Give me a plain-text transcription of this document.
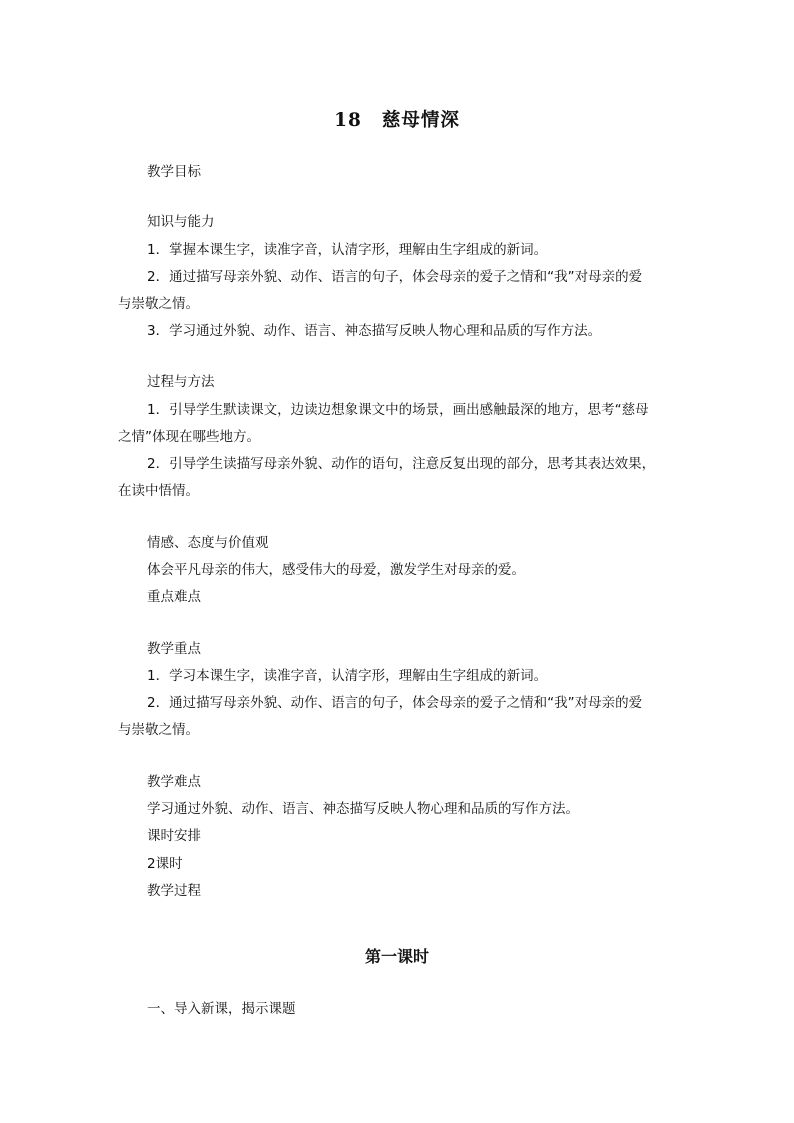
18 慈母情深
教学目标
知识与能力
1．掌握本课生字，读准字音，认清字形，理解由生字组成的新词。
2．通过描写母亲外貌、动作、语言的句子，体会母亲的爱子之情和“我”对母亲的爱
与崇敬之情。
3．学习通过外貌、动作、语言、神态描写反映人物心理和品质的写作方法。
过程与方法
1．引导学生默读课文，边读边想象课文中的场景，画出感触最深的地方，思考“慈母
之情”体现在哪些地方。
2．引导学生读描写母亲外貌、动作的语句，注意反复出现的部分，思考其表达效果，
在读中悟情。
情感、态度与价值观
体会平凡母亲的伟大，感受伟大的母爱，激发学生对母亲的爱。
重点难点
教学重点
1．学习本课生字，读准字音，认清字形，理解由生字组成的新词。
2．通过描写母亲外貌、动作、语言的句子，体会母亲的爱子之情和“我”对母亲的爱
与崇敬之情。
教学难点
学习通过外貌、动作、语言、神态描写反映人物心理和品质的写作方法。
课时安排
2课时
教学过程
第一课时
一、导入新课，揭示课题
